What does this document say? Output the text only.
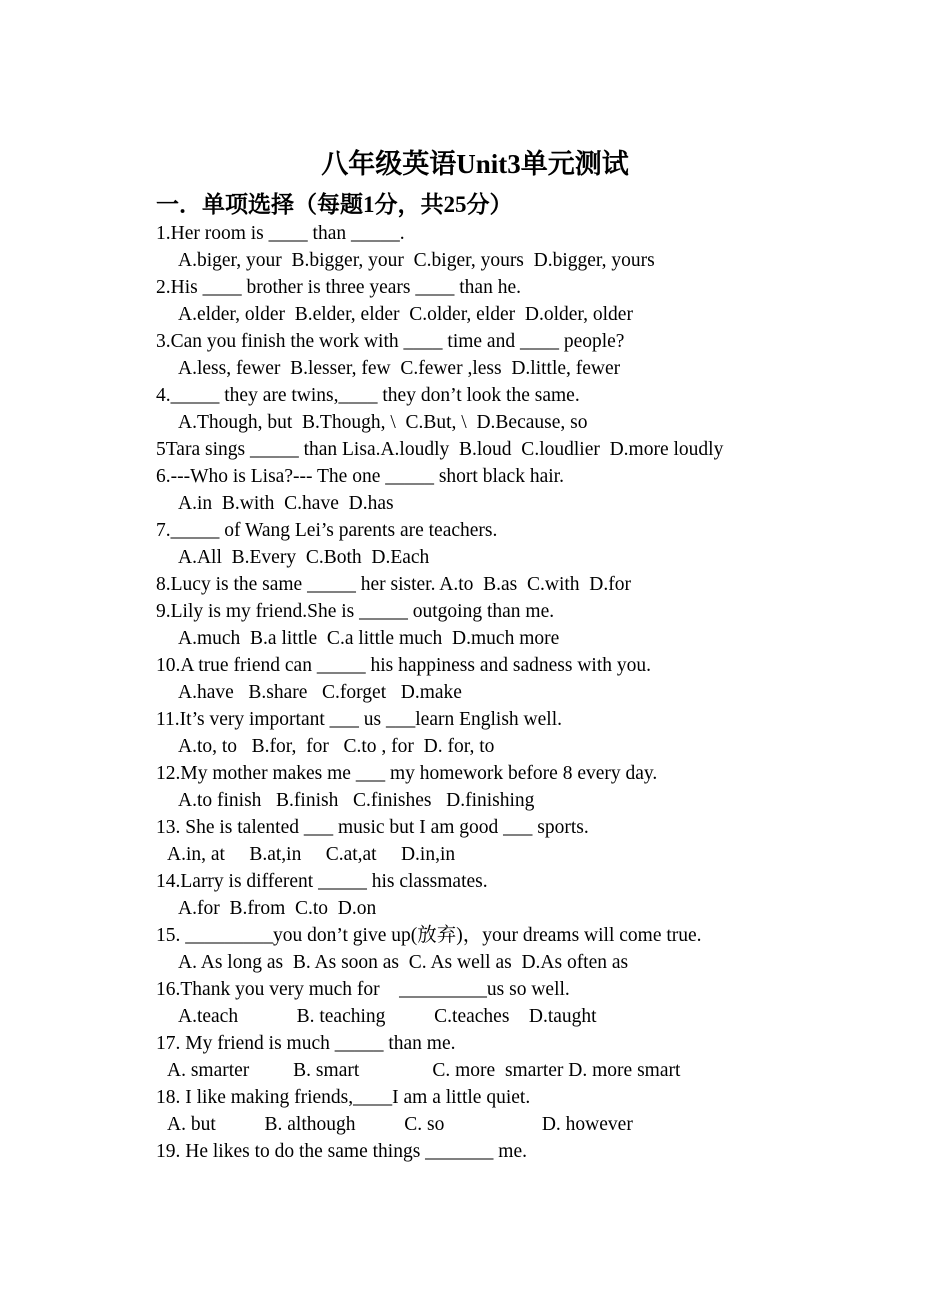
八年级英语Unit3单元测试
一．单项选择（每题1分，共25分）
1.Her room is ____ than _____.
A.biger, your  B.bigger, your  C.biger, yours  D.bigger, yours
2.His ____ brother is three years ____ than he.
A.elder, older  B.elder, elder  C.older, elder  D.older, older
3.Can you finish the work with ____ time and ____ people?
A.less, fewer  B.lesser, few  C.fewer ,less  D.little, fewer
4._____ they are twins,____ they don’t look the same.
A.Though, but  B.Though, \  C.But, \  D.Because, so
5Tara sings _____ than Lisa.A.loudly  B.loud  C.loudlier  D.more loudly
6.---Who is Lisa?--- The one _____ short black hair.
A.in  B.with  C.have  D.has
7._____ of Wang Lei’s parents are teachers.
A.All  B.Every  C.Both  D.Each
8.Lucy is the same _____ her sister. A.to  B.as  C.with  D.for
9.Lily is my friend.She is _____ outgoing than me.
A.much  B.a little  C.a little much  D.much more
10.A true friend can _____ his happiness and sadness with you.
A.have   B.share   C.forget   D.make
11.It’s very important ___ us ___learn English well.
A.to, to   B.for,  for   C.to , for  D. for, to
12.My mother makes me ___ my homework before 8 every day.
A.to finish   B.finish   C.finishes   D.finishing
13. She is talented ___ music but I am good ___ sports.
A.in, at     B.at,in     C.at,at     D.in,in
14.Larry is different _____ his classmates.
A.for  B.from  C.to  D.on
15. _________you don’t give up(放弃)，your dreams will come true.
A. As long as  B. As soon as  C. As well as  D.As often as
16.Thank you very much for    _________us so well.
A.teach            B. teaching          C.teaches    D.taught
17. My friend is much _____ than me.
A. smarter         B. smart               C. more  smarter D. more smart
18. I like making friends,____I am a little quiet.
A. but          B. although          C. so                    D. however
19. He likes to do the same things _______ me.
